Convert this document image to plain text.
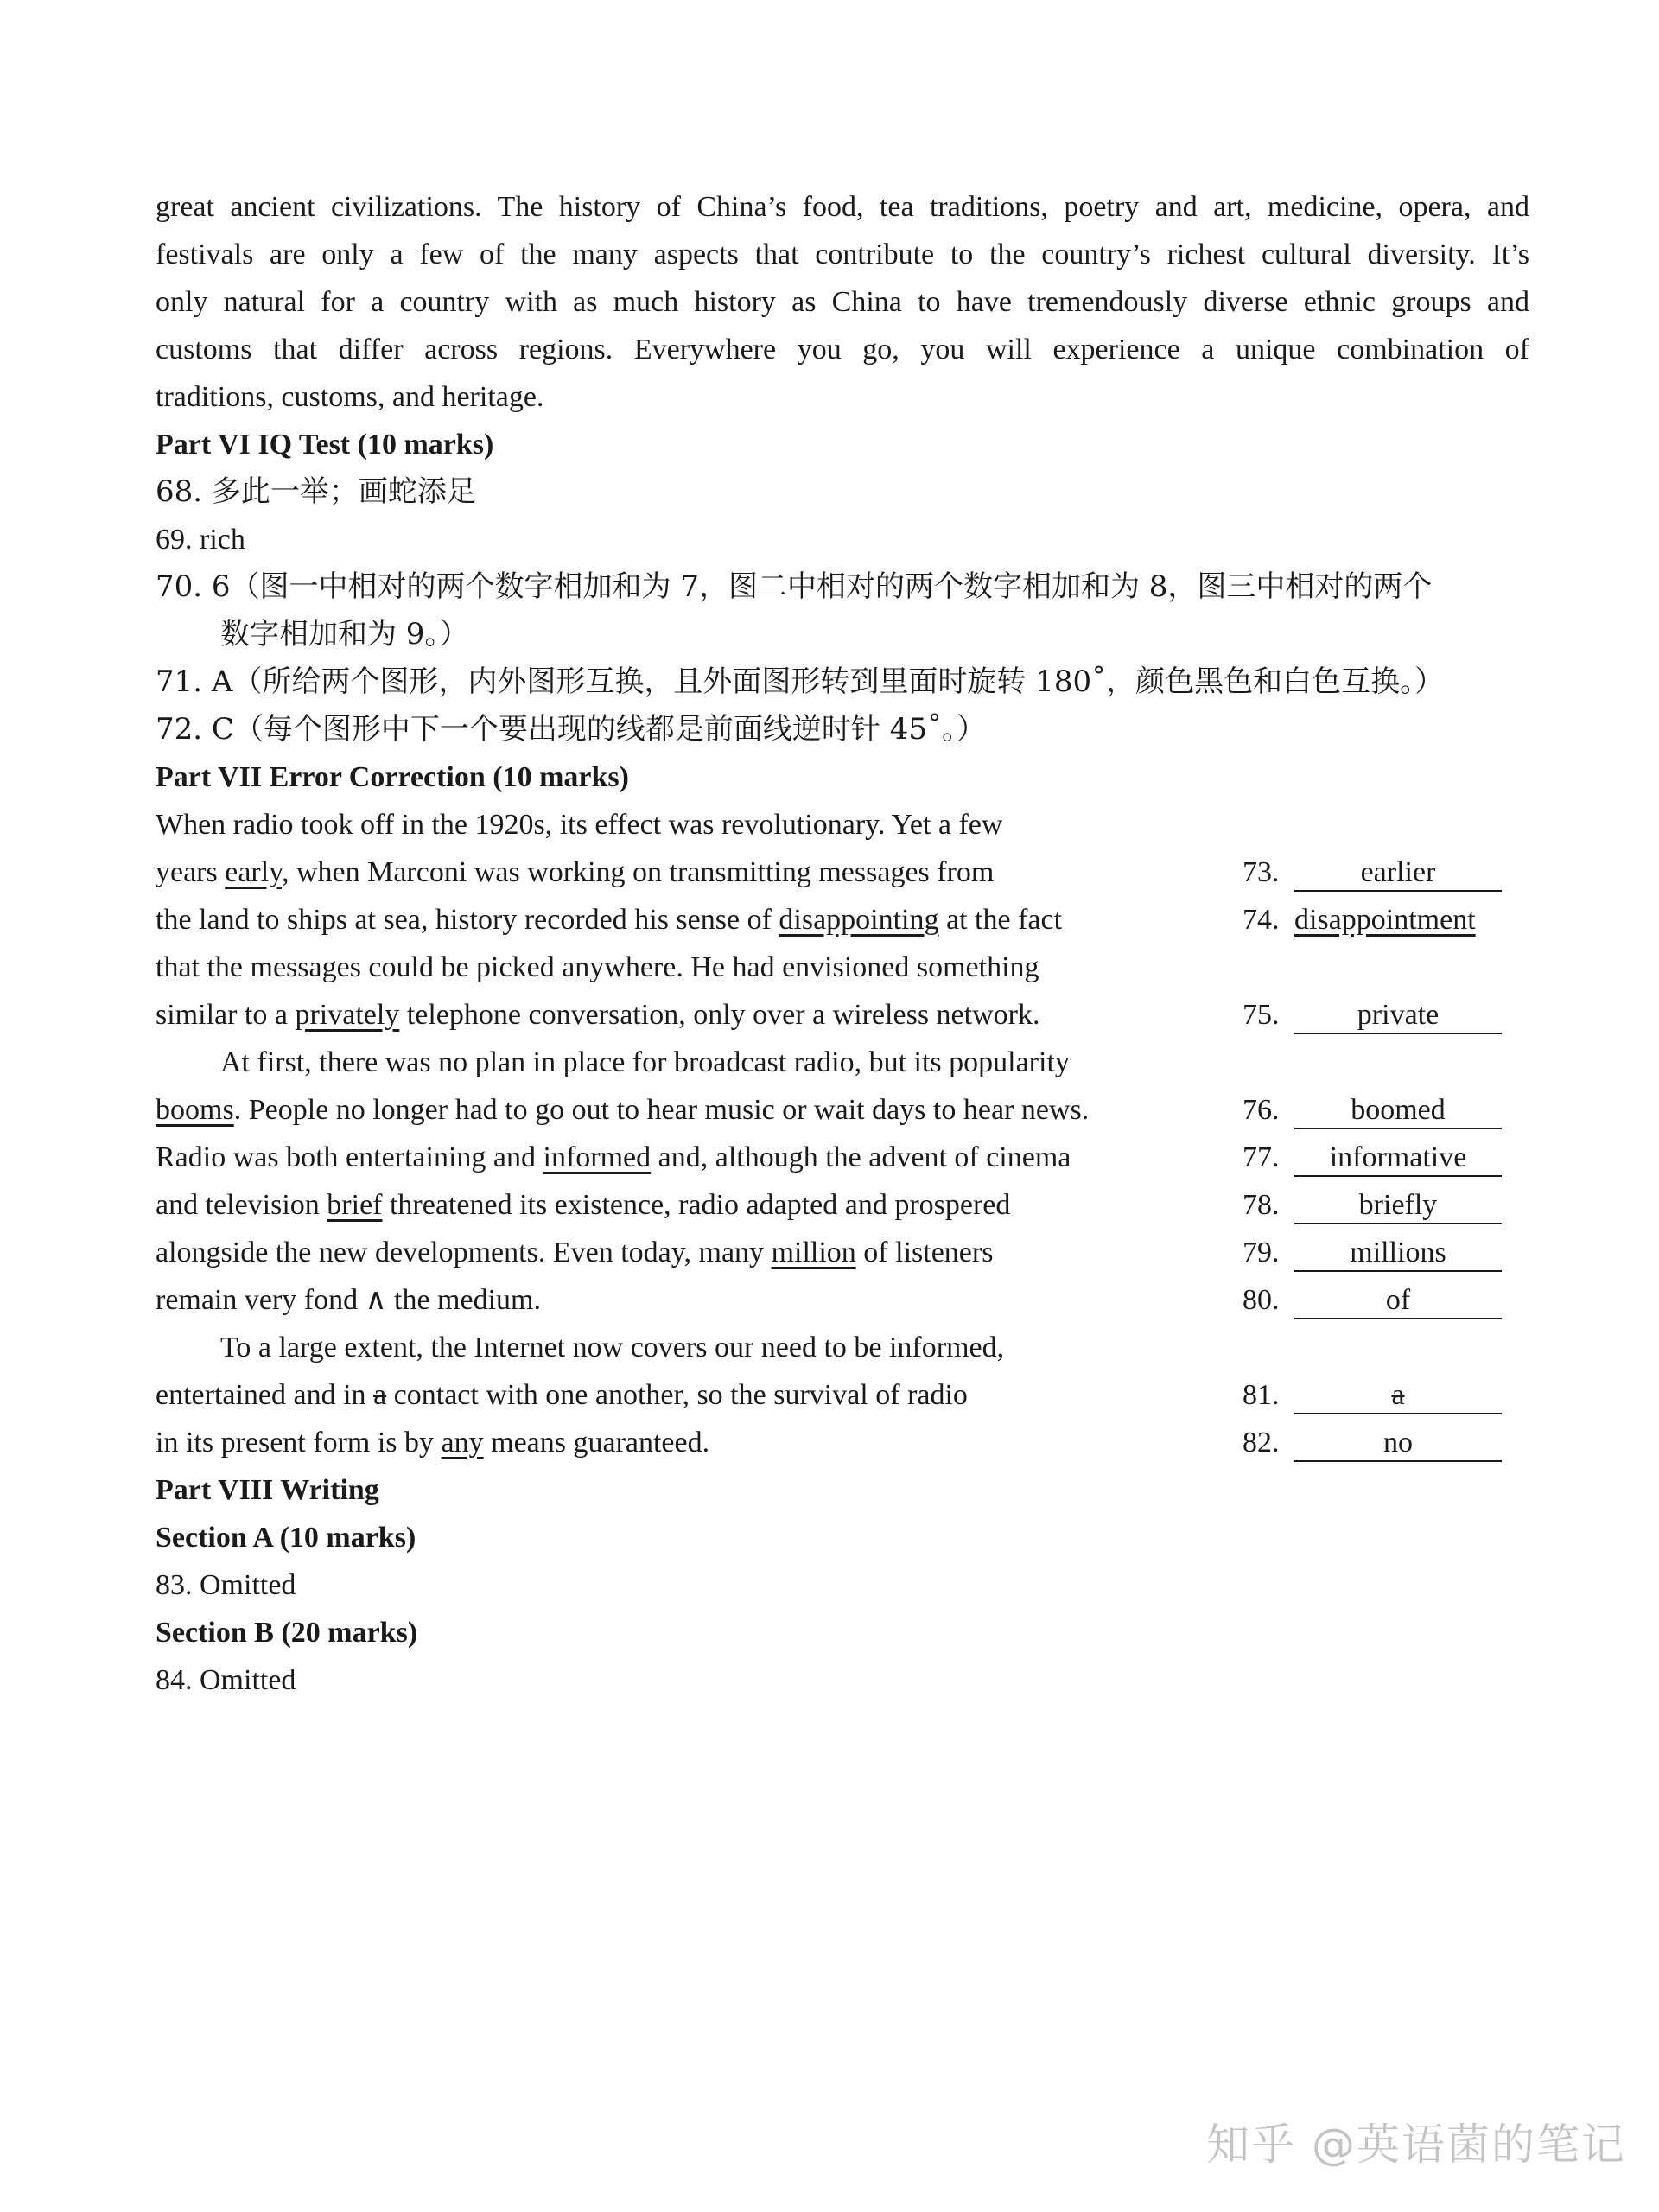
great ancient civilizations. The history of China’s food, tea traditions, poetry and art, medicine, opera, and
festivals are only a few of the many aspects that contribute to the country’s richest cultural diversity. It’s
only natural for a country with as much history as China to have tremendously diverse ethnic groups and
customs that differ across regions. Everywhere you go, you will experience a unique combination of
traditions, customs, and heritage.
Part VI IQ Test (10 marks)
68. 多此一举；画蛇添足
69. rich
70. 6（图一中相对的两个数字相加和为 7，图二中相对的两个数字相加和为 8，图三中相对的两个
数字相加和为 9。）
71. A（所给两个图形，内外图形互换，且外面图形转到里面时旋转 180˚，颜色黑色和白色互换。）
72. C（每个图形中下一个要出现的线都是前面线逆时针 45˚。）
Part VII Error Correction (10 marks)
When radio took off in the 1920s, its effect was revolutionary. Yet a few
years early, when Marconi was working on transmitting messages from	73.	earlier
the land to ships at sea, history recorded his sense of disappointing at the fact	74. disappointment
that the messages could be picked anywhere. He had envisioned something
similar to a privately telephone conversation, only over a wireless network.	75.	private
At first, there was no plan in place for broadcast radio, but its popularity
booms. People no longer had to go out to hear music or wait days to hear news.	76. boomed
Radio was both entertaining and informed and, although the advent of cinema	77. informative
and television brief threatened its existence, radio adapted and prospered	78.	briefly
alongside the new developments. Even today, many million of listeners	79. millions
remain very fond ∧ the medium.	80.	of
To a large extent, the Internet now covers our need to be informed,
entertained and in a contact with one another, so the survival of radio	81.	a
in its present form is by any means guaranteed.	82.	no
Part VIII Writing
Section A (10 marks)
83. Omitted
Section B (20 marks)
84. Omitted
知乎 @英语菌的笔记
